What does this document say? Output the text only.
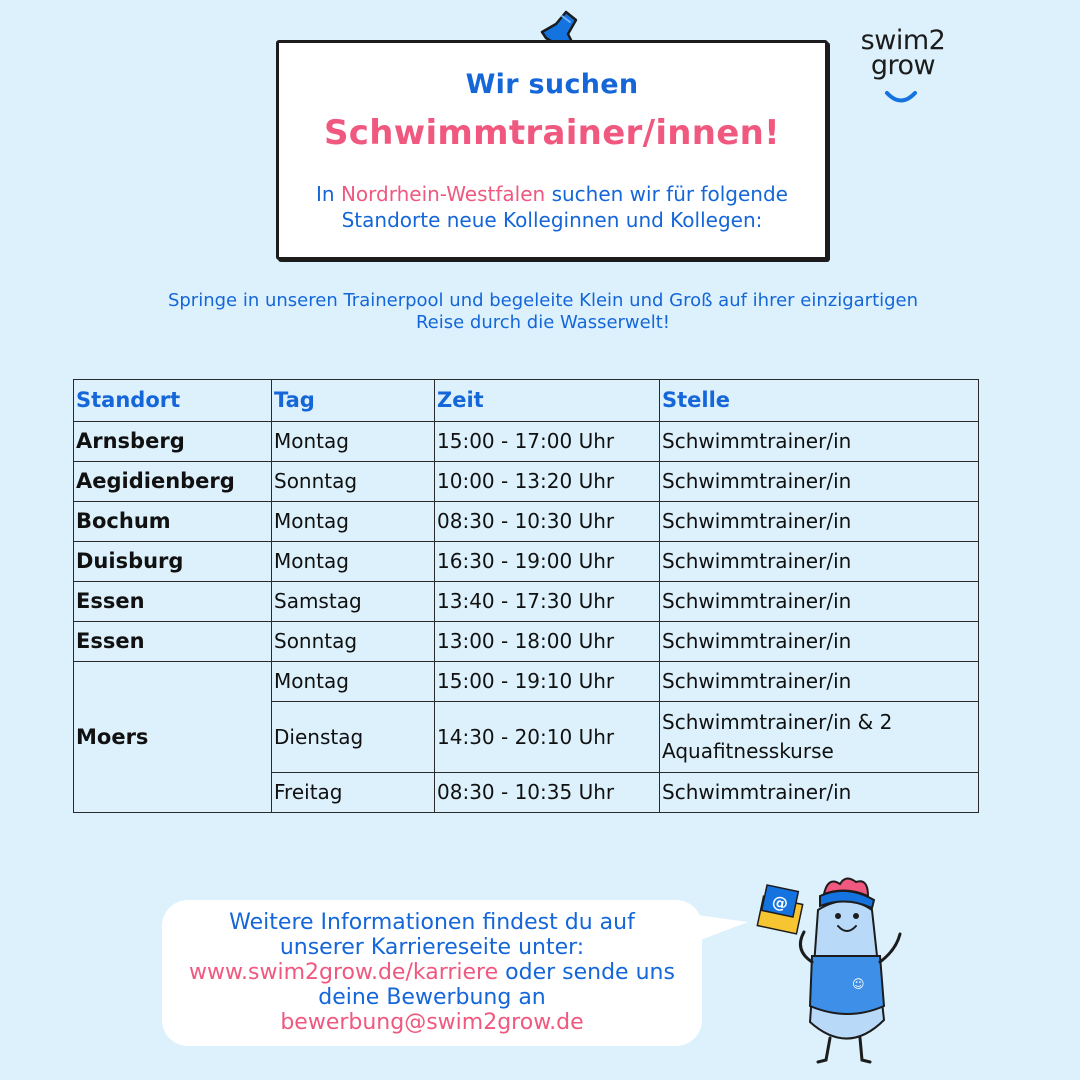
swim2
grow
Wir suchen
Schwimmtrainer/innen!
In Nordrhein-Westfalen suchen wir für folgende Standorte neue Kolleginnen und Kollegen:
Springe in unseren Trainerpool und begeleite Klein und Groß auf ihrer einzigartigen Reise durch die Wasserwelt!
Standort	Tag	Zeit	Stelle
Arnsberg	Montag	15:00 - 17:00 Uhr	Schwimmtrainer/in
Aegidienberg	Sonntag	10:00 - 13:20 Uhr	Schwimmtrainer/in
Bochum	Montag	08:30 - 10:30 Uhr	Schwimmtrainer/in
Duisburg	Montag	16:30 - 19:00 Uhr	Schwimmtrainer/in
Essen	Samstag	13:40 - 17:30 Uhr	Schwimmtrainer/in
Essen	Sonntag	13:00 - 18:00 Uhr	Schwimmtrainer/in
Moers	Montag	15:00 - 19:10 Uhr	Schwimmtrainer/in
	Dienstag	14:30 - 20:10 Uhr	Schwimmtrainer/in & 2 Aquafitnesskurse
	Freitag	08:30 - 10:35 Uhr	Schwimmtrainer/in
Weitere Informationen findest du auf
unserer Karriereseite unter:
www.swim2grow.de/karriere oder sende uns
deine Bewerbung an
bewerbung@swim2grow.de
@
☺
